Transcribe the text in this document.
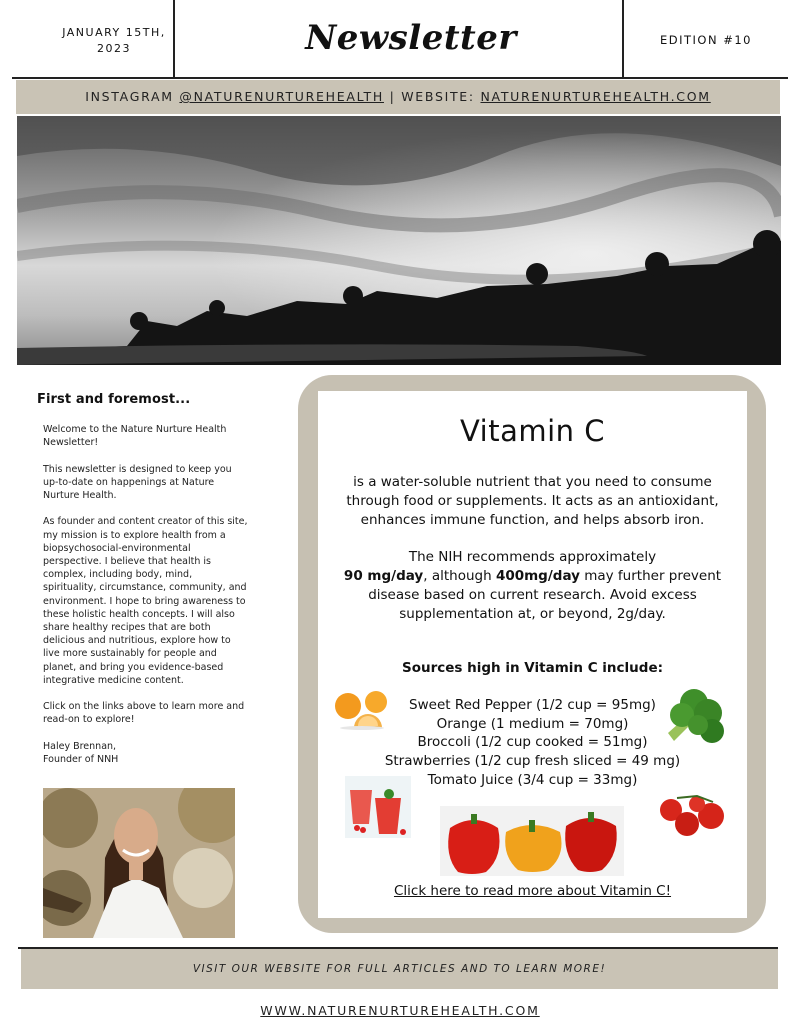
JANUARY 15TH, 2023	Newsletter	EDITION #10
INSTAGRAM @NATURENURTUREHEALTH | WEBSITE: NATURENURTUREHEALTH.COM
First and foremost...

Welcome to the Nature Nurture Health Newsletter!

This newsletter is designed to keep you up-to-date on happenings at Nature Nurture Health.

As founder and content creator of this site, my mission is to explore health from a biopsychosocial-environmental perspective. I believe that health is complex, including body, mind, spirituality, circumstance, community, and environment. I hope to bring awareness to these holistic health concepts. I will also share healthy recipes that are both delicious and nutritious, explore how to live more sustainably for people and planet, and bring you evidence-based integrative medicine content.

Click on the links above to learn more and read-on to explore!

Haley Brennan,
Founder of NNH
Vitamin C
is a water-soluble nutrient that you need to consume through food or supplements. It acts as an antioxidant, enhances immune function, and helps absorb iron.
The NIH recommends approximately
90 mg/day, although 400mg/day may further prevent disease based on current research. Avoid excess supplementation at, or beyond, 2g/day.
Sources high in Vitamin C include:
Sweet Red Pepper (1/2 cup = 95mg)
Orange (1 medium = 70mg)
Broccoli (1/2 cup cooked = 51mg)
Strawberries (1/2 cup fresh sliced = 49 mg)
Tomato Juice (3/4 cup = 33mg)
Click here to read more about Vitamin C!
VISIT OUR WEBSITE FOR FULL ARTICLES AND TO LEARN MORE!
WWW.NATURENURTUREHEALTH.COM
